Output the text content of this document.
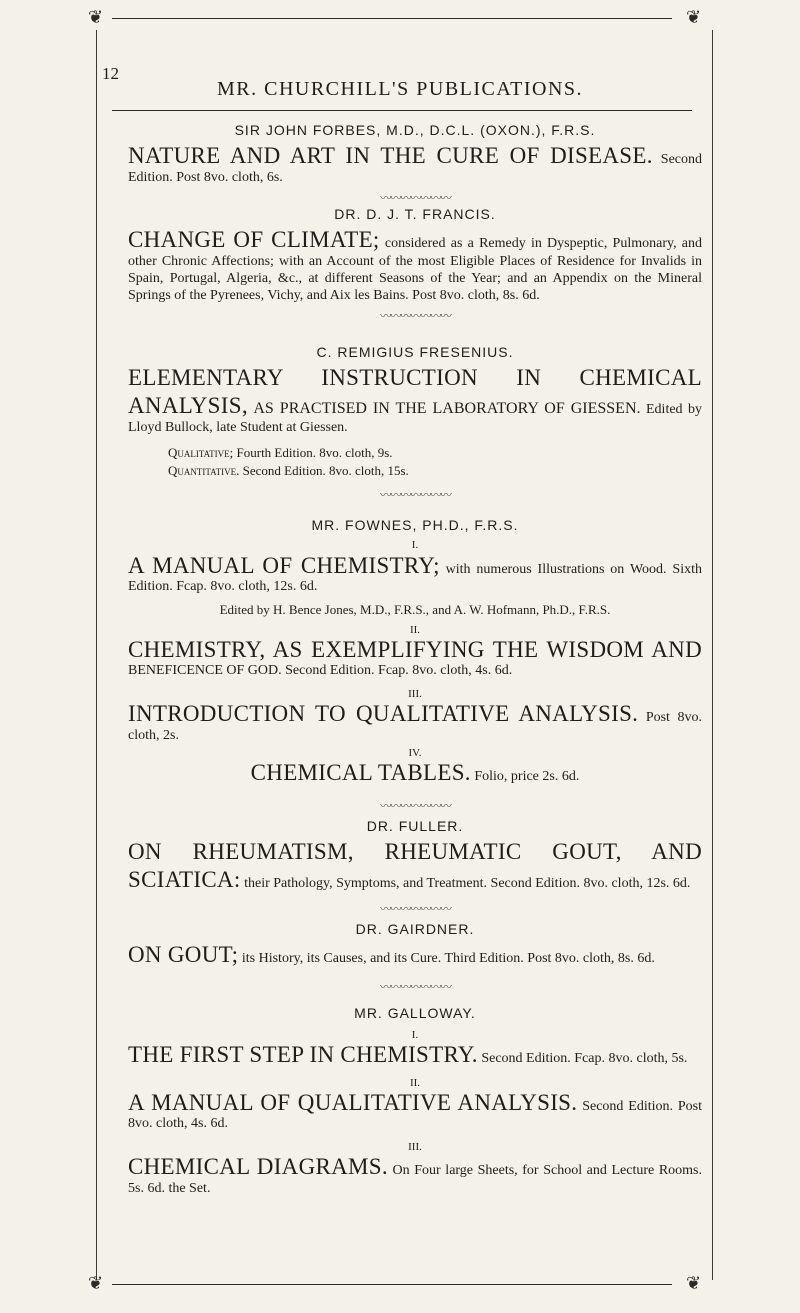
❦	❦
12
MR. CHURCHILL'S PUBLICATIONS.

SIR JOHN FORBES, M.D., D.C.L. (OXON.), F.R.S.

NATURE AND ART IN THE CURE OF DISEASE. Second Edition. Post 8vo. cloth, 6s.

〰〰〰〰〰〰〰

DR. D. J. T. FRANCIS.

CHANGE OF CLIMATE; considered as a Remedy in Dyspeptic, Pulmonary, and other Chronic Affections; with an Account of the most Eligible Places of Residence for Invalids in Spain, Portugal, Algeria, &c., at different Seasons of the Year; and an Appendix on the Mineral Springs of the Pyrenees, Vichy, and Aix les Bains. Post 8vo. cloth, 8s. 6d.

〰〰〰〰〰〰〰

C. REMIGIUS FRESENIUS.

ELEMENTARY INSTRUCTION IN CHEMICAL ANALYSIS, AS PRACTISED IN THE LABORATORY OF GIESSEN. Edited by Lloyd Bullock, late Student at Giessen.

Qualitative; Fourth Edition. 8vo. cloth, 9s.

Quantitative. Second Edition. 8vo. cloth, 15s.

〰〰〰〰〰〰〰

MR. FOWNES, PH.D., F.R.S.

I.

A MANUAL OF CHEMISTRY; with numerous Illustrations on Wood. Sixth Edition. Fcap. 8vo. cloth, 12s. 6d.

Edited by H. Bence Jones, M.D., F.R.S., and A. W. Hofmann, Ph.D., F.R.S.

II.

CHEMISTRY, AS EXEMPLIFYING THE WISDOM AND BENEFICENCE OF GOD. Second Edition. Fcap. 8vo. cloth, 4s. 6d.

III.

INTRODUCTION TO QUALITATIVE ANALYSIS. Post 8vo. cloth, 2s.

IV.

CHEMICAL TABLES. Folio, price 2s. 6d.

〰〰〰〰〰〰〰

DR. FULLER.

ON RHEUMATISM, RHEUMATIC GOUT, AND SCIATICA: their Pathology, Symptoms, and Treatment. Second Edition. 8vo. cloth, 12s. 6d.

〰〰〰〰〰〰〰

DR. GAIRDNER.

ON GOUT; its History, its Causes, and its Cure. Third Edition. Post 8vo. cloth, 8s. 6d.

〰〰〰〰〰〰〰

MR. GALLOWAY.

I.

THE FIRST STEP IN CHEMISTRY. Second Edition. Fcap. 8vo. cloth, 5s.

II.

A MANUAL OF QUALITATIVE ANALYSIS. Second Edition. Post 8vo. cloth, 4s. 6d.

III.

CHEMICAL DIAGRAMS. On Four large Sheets, for School and Lecture Rooms. 5s. 6d. the Set.

❦	❦
